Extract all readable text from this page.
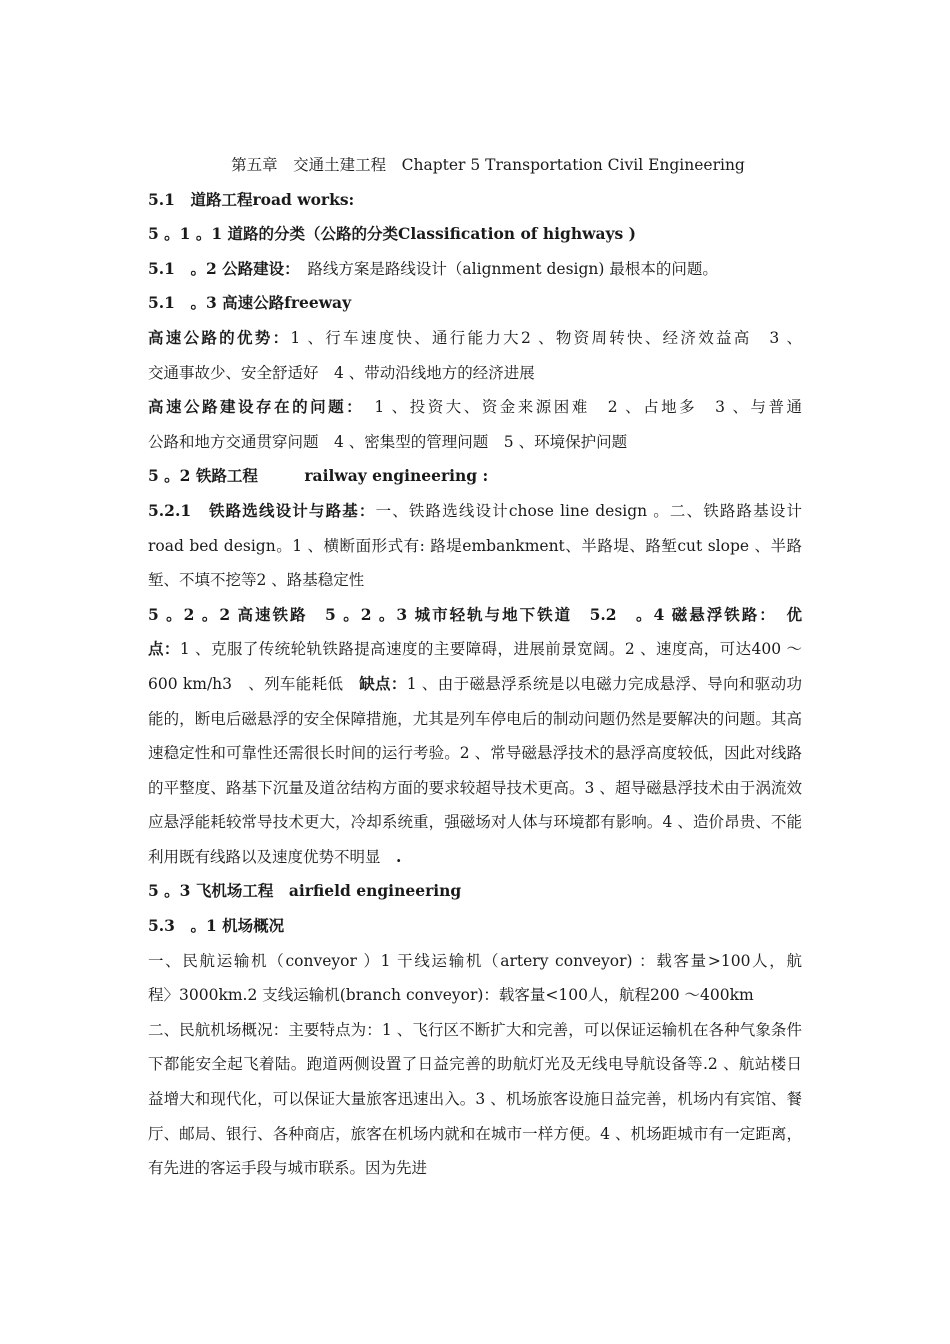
第五章　交通土建工程　Chapter 5 Transportation Civil Engineering
5.1　道路工程road works:
5 。1 。1 道路的分类（公路的分类Classification of highways )
5.1　。2 公路建设：　路线方案是路线设计（alignment design) 最根本的问题。
5.1　。3 高速公路freeway
高速公路的优势：1 、行车速度快、通行能力大2 、物资周转快、经济效益高　3 、
交通事故少、安全舒适好　4 、带动沿线地方的经济进展
高速公路建设存在的问题：　1 、投资大、资金来源困难　2 、占地多　3 、与普通
公路和地方交通贯穿问题　4 、密集型的管理问题　5 、环境保护问题
5 。2 铁路工程　　　railway engineering :
5.2.1　铁路选线设计与路基：一、铁路选线设计chose line design 。二、铁路路基设计
road bed design。1 、横断面形式有: 路堤embankment、半路堤、路堑cut slope 、半路
堑、不填不挖等2 、路基稳定性
5 。2 。2 高速铁路　5 。2 。3 城市轻轨与地下铁道　5.2　。4 磁悬浮铁路：　优
点：1 、克服了传统轮轨铁路提高速度的主要障碍，进展前景宽阔。2 、速度高，可达400 ～　600 km/h3　、列车能耗低　缺点：1 、由于磁悬浮系统是以电磁力完成悬浮、导向和驱动功能的，断电后磁悬浮的安全保障措施，尤其是列车停电后的制动问题仍然是要解决的问题。其高速稳定性和可靠性还需很长时间的运行考验。2 、常导磁悬浮技术的悬浮高度较低，因此对线路的平整度、路基下沉量及道岔结构方面的要求较超导技术更高。3 、超导磁悬浮技术由于涡流效应悬浮能耗较常导技术更大，冷却系统重，强磁场对人体与环境都有影响。4 、造价昂贵、不能利用既有线路以及速度优势不明显　.
5 。3 飞机场工程　airfield engineering
5.3　。1 机场概况
一、民航运输机（conveyor ）1 干线运输机（artery conveyor) ：载客量>100人，航
程〉3000km.2 支线运输机(branch conveyor)：载客量<100人，航程200 ～400km
二、民航机场概况：主要特点为：1 、飞行区不断扩大和完善，可以保证运输机在各种气象条件下都能安全起飞着陆。跑道两侧设置了日益完善的助航灯光及无线电导航设备等.2 、航站楼日益增大和现代化，可以保证大量旅客迅速出入。3 、机场旅客设施日益完善，机场内有宾馆、餐厅、邮局、银行、各种商店，旅客在机场内就和在城市一样方便。4 、机场距城市有一定距离，有先进的客运手段与城市联系。因为先进
